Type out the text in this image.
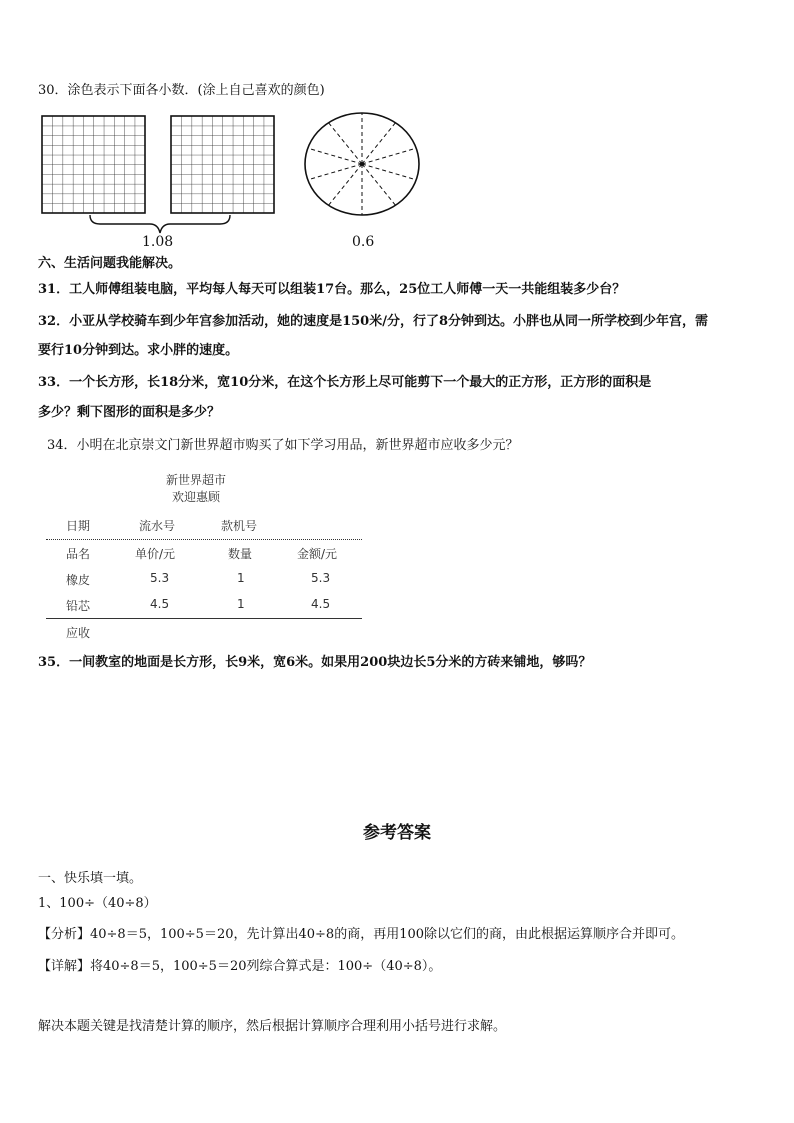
30．涂色表示下面各小数．(涂上自己喜欢的颜色)
1.08	0.6
六、生活问题我能解决。
31．工人师傅组装电脑，平均每人每天可以组装17台。那么，25位工人师傅一天一共能组装多少台？
32．小亚从学校骑车到少年宫参加活动，她的速度是150米/分，行了8分钟到达。小胖也从同一所学校到少年宫，需
要行10分钟到达。求小胖的速度。
33．一个长方形，长18分米，宽10分米，在这个长方形上尽可能剪下一个最大的正方形，正方形的面积是
多少？剩下图形的面积是多少？
34．小明在北京崇文门新世界超市购买了如下学习用品，新世界超市应收多少元？
新世界超市
欢迎惠顾
日期	流水号	款机号
品名	单价/元	数量	金额/元
橡皮	5.3	1	5.3
铅芯	4.5	1	4.5
应收
35．一间教室的地面是长方形，长9米，宽6米。如果用200块边长5分米的方砖来铺地，够吗？
参考答案
一、快乐填一填。
1、100÷（40÷8）
【分析】40÷8＝5，100÷5＝20，先计算出40÷8的商，再用100除以它们的商，由此根据运算顺序合并即可。
【详解】将40÷8＝5，100÷5＝20列综合算式是：100÷（40÷8）。
解决本题关键是找清楚计算的顺序，然后根据计算顺序合理利用小括号进行求解。
